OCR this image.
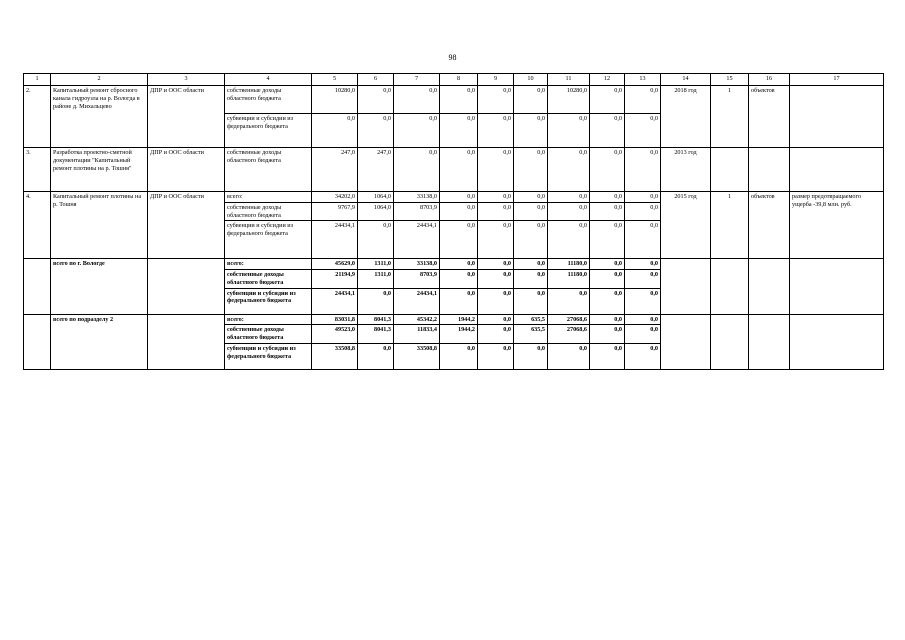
98
1	2	3	4	5	6	7	8	9	10	11	12	13	14	15	16	17
2.	Капитальный ремонт сбросного канала гидроузла на р. Вологда в районе д. Михальцево	ДПР и ООС области	собственные доходы областного бюджета	10280,0	0,0	0,0	0,0	0,0	0,0	10280,0	0,0	0,0	2018 год	1	объектов	
			субвенции и субсидии из федерального бюджета	0,0	0,0	0,0	0,0	0,0	0,0	0,0	0,0	0,0				
3.	Разработка проектно-сметной документации "Капитальный ремонт плотины на р. Тошня"	ДПР и ООС области	собственные доходы областного бюджета	247,0	247,0	0,0	0,0	0,0	0,0	0,0	0,0	0,0	2013 год			
4.	Капитальный ремонт плотины на р. Тошня	ДПР и ООС области	всего:	34202,0	1064,0	33138,0	0,0	0,0	0,0	0,0	0,0	0,0	2015 год	1	объектов	размер предотвращаемого ущерба -39,8 млн. руб.
			собственные доходы областного бюджета	9767,9	1064,0	8703,9	0,0	0,0	0,0	0,0	0,0	0,0				
			субвенции и субсидии из федерального бюджета	24434,1	0,0	24434,1	0,0	0,0	0,0	0,0	0,0	0,0				
	всего по г. Вологде		всего:	45629,0	1311,0	33138,0	0,0	0,0	0,0	11180,0	0,0	0,0				
			собственные доходы областного бюджета	21194,9	1311,0	8703,9	0,0	0,0	0,0	11180,0	0,0	0,0				
			субвенции и субсидии из федерального бюджета	24434,1	0,0	24434,1	0,0	0,0	0,0	0,0	0,0	0,0				
	всего по подразделу 2		всего:	83031,8	8041,3	45342,2	1944,2	0,0	635,5	27068,6	0,0	0,0				
			собственные доходы областного бюджета	49523,0	8041,3	11833,4	1944,2	0,0	635,5	27068,6	0,0	0,0				
			субвенции и субсидии из федерального бюджета	33508,8	0,0	33508,8	0,0	0,0	0,0	0,0	0,0	0,0				
